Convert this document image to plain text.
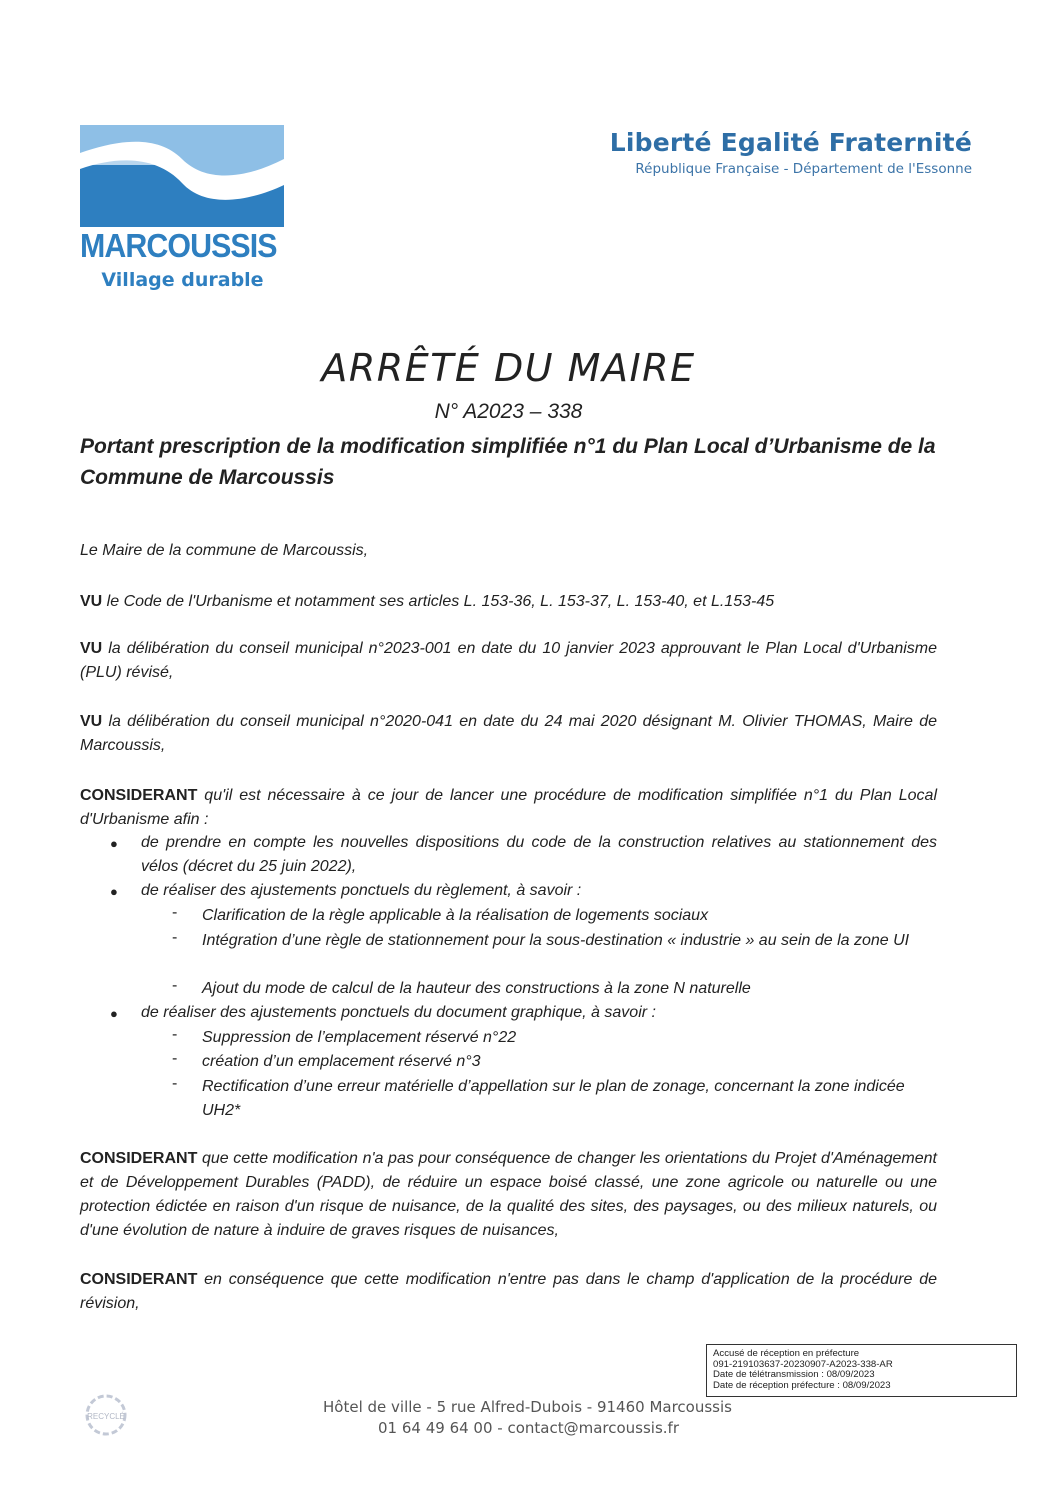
MARCOUSSIS
Village durable
Liberté Egalité Fraternité
République Française - Département de l'Essonne
ARRÊTÉ DU MAIRE
N° A2023 – 338
Portant prescription de la modification simplifiée n°1 du Plan Local d’Urbanisme de la Commune de Marcoussis
Le Maire de la commune de Marcoussis,
VU le Code de l'Urbanisme et notamment ses articles L. 153-36, L. 153-37, L. 153-40, et L.153-45
VU la délibération du conseil municipal n°2023-001 en date du 10 janvier 2023 approuvant le Plan Local d'Urbanisme (PLU) révisé,
VU la délibération du conseil municipal n°2020-041 en date du 24 mai 2020 désignant M. Olivier THOMAS, Maire de Marcoussis,
CONSIDERANT qu'il est nécessaire à ce jour de lancer une procédure de modification simplifiée n°1 du Plan Local d'Urbanisme afin :
● de prendre en compte les nouvelles dispositions du code de la construction relatives au stationnement des vélos (décret du 25 juin 2022),
● de réaliser des ajustements ponctuels du règlement, à savoir :
- Clarification de la règle applicable à la réalisation de logements sociaux
- Intégration d’une règle de stationnement pour la sous-destination « industrie » au sein de la zone UI
- Ajout du mode de calcul de la hauteur des constructions à la zone N naturelle
● de réaliser des ajustements ponctuels du document graphique, à savoir :
- Suppression de l’emplacement réservé n°22
- création d’un emplacement réservé n°3
- Rectification d’une erreur matérielle d’appellation sur le plan de zonage, concernant la zone indicée UH2*
CONSIDERANT que cette modification n'a pas pour conséquence de changer les orientations du Projet d'Aménagement et de Développement Durables (PADD), de réduire un espace boisé classé, une zone agricole ou naturelle ou une protection édictée en raison d'un risque de nuisance, de la qualité des sites, des paysages, ou des milieux naturels, ou d'une évolution de nature à induire de graves risques de nuisances,
CONSIDERANT en conséquence que cette modification n'entre pas dans le champ d'application de la procédure de révision,
Accusé de réception en préfecture
091-219103637-20230907-A2023-338-AR
Date de télétransmission : 08/09/2023
Date de réception préfecture : 08/09/2023
RECYCLÉ
Hôtel de ville - 5 rue Alfred-Dubois - 91460 Marcoussis
01 64 49 64 00 - contact@marcoussis.fr
